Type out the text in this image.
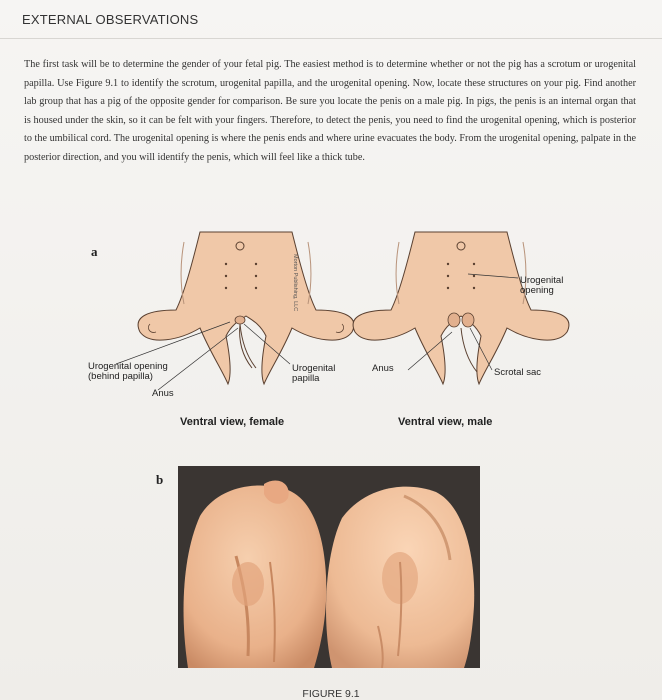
EXTERNAL OBSERVATIONS
The first task will be to determine the gender of your fetal pig. The easiest method is to determine whether or not the pig has a scrotum or urogenital papilla. Use Figure 9.1 to identify the scrotum, urogenital papilla, and the urogenital opening. Now, locate these structures on your pig. Find another lab group that has a pig of the opposite gender for comparison. Be sure you locate the penis on a male pig. In pigs, the penis is an internal organ that is housed under the skin, so it can be felt with your fingers. Therefore, to detect the penis, you need to find the urogenital opening, which is posterior to the umbilical cord. The urogenital opening is where the penis ends and where urine evacuates the body. From the urogenital opening, palpate in the posterior direction, and you will identify the penis, which will feel like a thick tube.
a
Morton Publishing, LLC
Urogenital opening
(behind papilla)
Anus
Urogenital
papilla
Anus	Scrotal sac
Urogenital
opening
Ventral view, female	Ventral view, male
b
FIGURE 9.1
